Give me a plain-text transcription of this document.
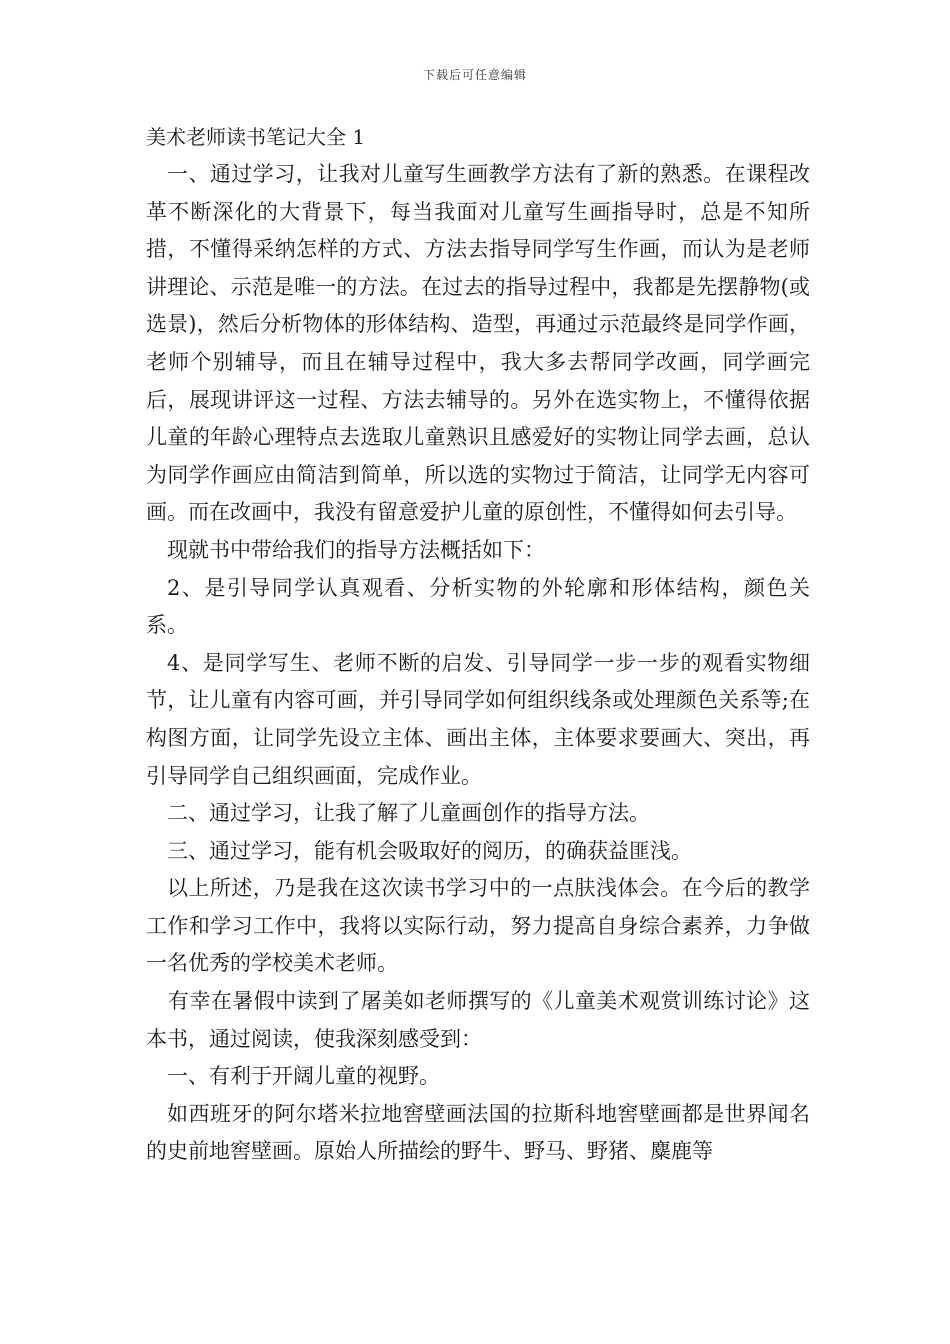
下载后可任意编辑
美术老师读书笔记大全 1

一、通过学习，让我对儿童写生画教学方法有了新的熟悉。在课程改革不断深化的大背景下，每当我面对儿童写生画指导时，总是不知所措，不懂得采纳怎样的方式、方法去指导同学写生作画，而认为是老师讲理论、示范是唯一的方法。在过去的指导过程中，我都是先摆静物(或选景)，然后分析物体的形体结构、造型，再通过示范最终是同学作画，老师个别辅导，而且在辅导过程中，我大多去帮同学改画，同学画完后，展现讲评这一过程、方法去辅导的。另外在选实物上，不懂得依据儿童的年龄心理特点去选取儿童熟识且感爱好的实物让同学去画，总认为同学作画应由简洁到简单，所以选的实物过于简洁，让同学无内容可画。而在改画中，我没有留意爱护儿童的原创性，不懂得如何去引导。

现就书中带给我们的指导方法概括如下：

2、是引导同学认真观看、分析实物的外轮廓和形体结构，颜色关系。

4、是同学写生、老师不断的启发、引导同学一步一步的观看实物细节，让儿童有内容可画，并引导同学如何组织线条或处理颜色关系等;在构图方面，让同学先设立主体、画出主体，主体要求要画大、突出，再引导同学自己组织画面，完成作业。

二、通过学习，让我了解了儿童画创作的指导方法。

三、通过学习，能有机会吸取好的阅历，的确获益匪浅。

以上所述，乃是我在这次读书学习中的一点肤浅体会。在今后的教学工作和学习工作中，我将以实际行动，努力提高自身综合素养，力争做一名优秀的学校美术老师。

有幸在暑假中读到了屠美如老师撰写的《儿童美术观赏训练讨论》这本书，通过阅读，使我深刻感受到：

一、有利于开阔儿童的视野。

如西班牙的阿尔塔米拉地窖壁画法国的拉斯科地窖壁画都是世界闻名的史前地窖壁画。原始人所描绘的野牛、野马、野猪、麋鹿等
